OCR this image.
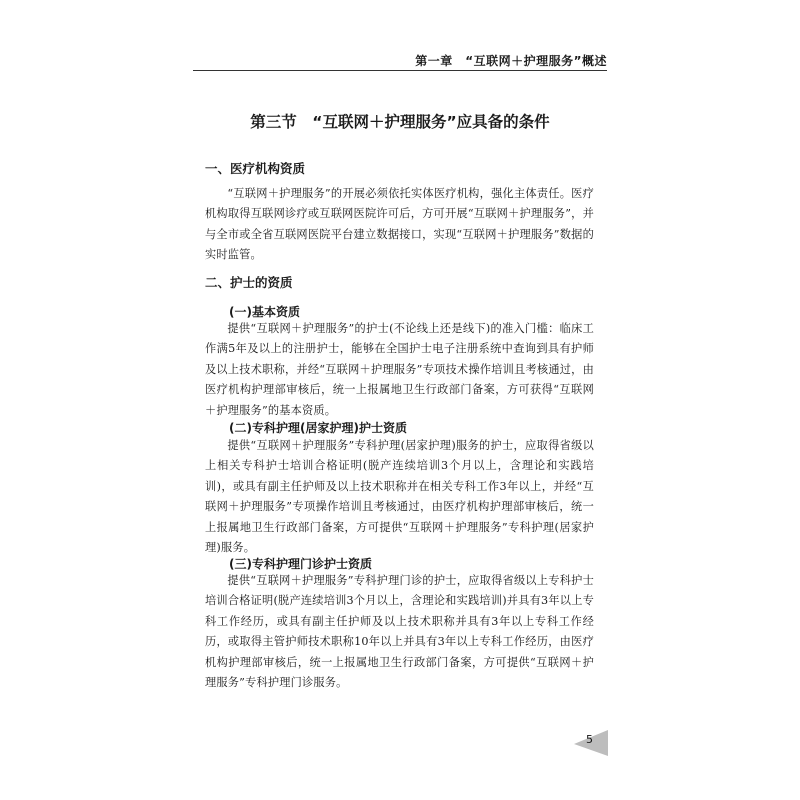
第一章　“互联网＋护理服务”概述
第三节　“互联网＋护理服务”应具备的条件
一、医疗机构资质
“互联网＋护理服务”的开展必须依托实体医疗机构，强化主体责任。医疗机构取得互联网诊疗或互联网医院许可后，方可开展“互联网＋护理服务”，并与全市或全省互联网医院平台建立数据接口，实现“互联网＋护理服务”数据的实时监管。
二、护士的资质
(一)基本资质
提供“互联网＋护理服务”的护士(不论线上还是线下)的准入门槛：临床工作满5年及以上的注册护士，能够在全国护士电子注册系统中查询到具有护师及以上技术职称，并经“互联网＋护理服务”专项技术操作培训且考核通过，由医疗机构护理部审核后，统一上报属地卫生行政部门备案，方可获得“互联网＋护理服务”的基本资质。
(二)专科护理(居家护理)护士资质
提供“互联网＋护理服务”专科护理(居家护理)服务的护士，应取得省级以上相关专科护士培训合格证明(脱产连续培训3个月以上，含理论和实践培训)，或具有副主任护师及以上技术职称并在相关专科工作3年以上，并经“互联网＋护理服务”专项操作培训且考核通过，由医疗机构护理部审核后，统一上报属地卫生行政部门备案，方可提供“互联网＋护理服务”专科护理(居家护理)服务。
(三)专科护理门诊护士资质
提供“互联网＋护理服务”专科护理门诊的护士，应取得省级以上专科护士培训合格证明(脱产连续培训3个月以上，含理论和实践培训)并具有3年以上专科工作经历，或具有副主任护师及以上技术职称并具有3年以上专科工作经历，或取得主管护师技术职称10年以上并具有3年以上专科工作经历，由医疗机构护理部审核后，统一上报属地卫生行政部门备案，方可提供“互联网＋护理服务”专科护理门诊服务。
5
